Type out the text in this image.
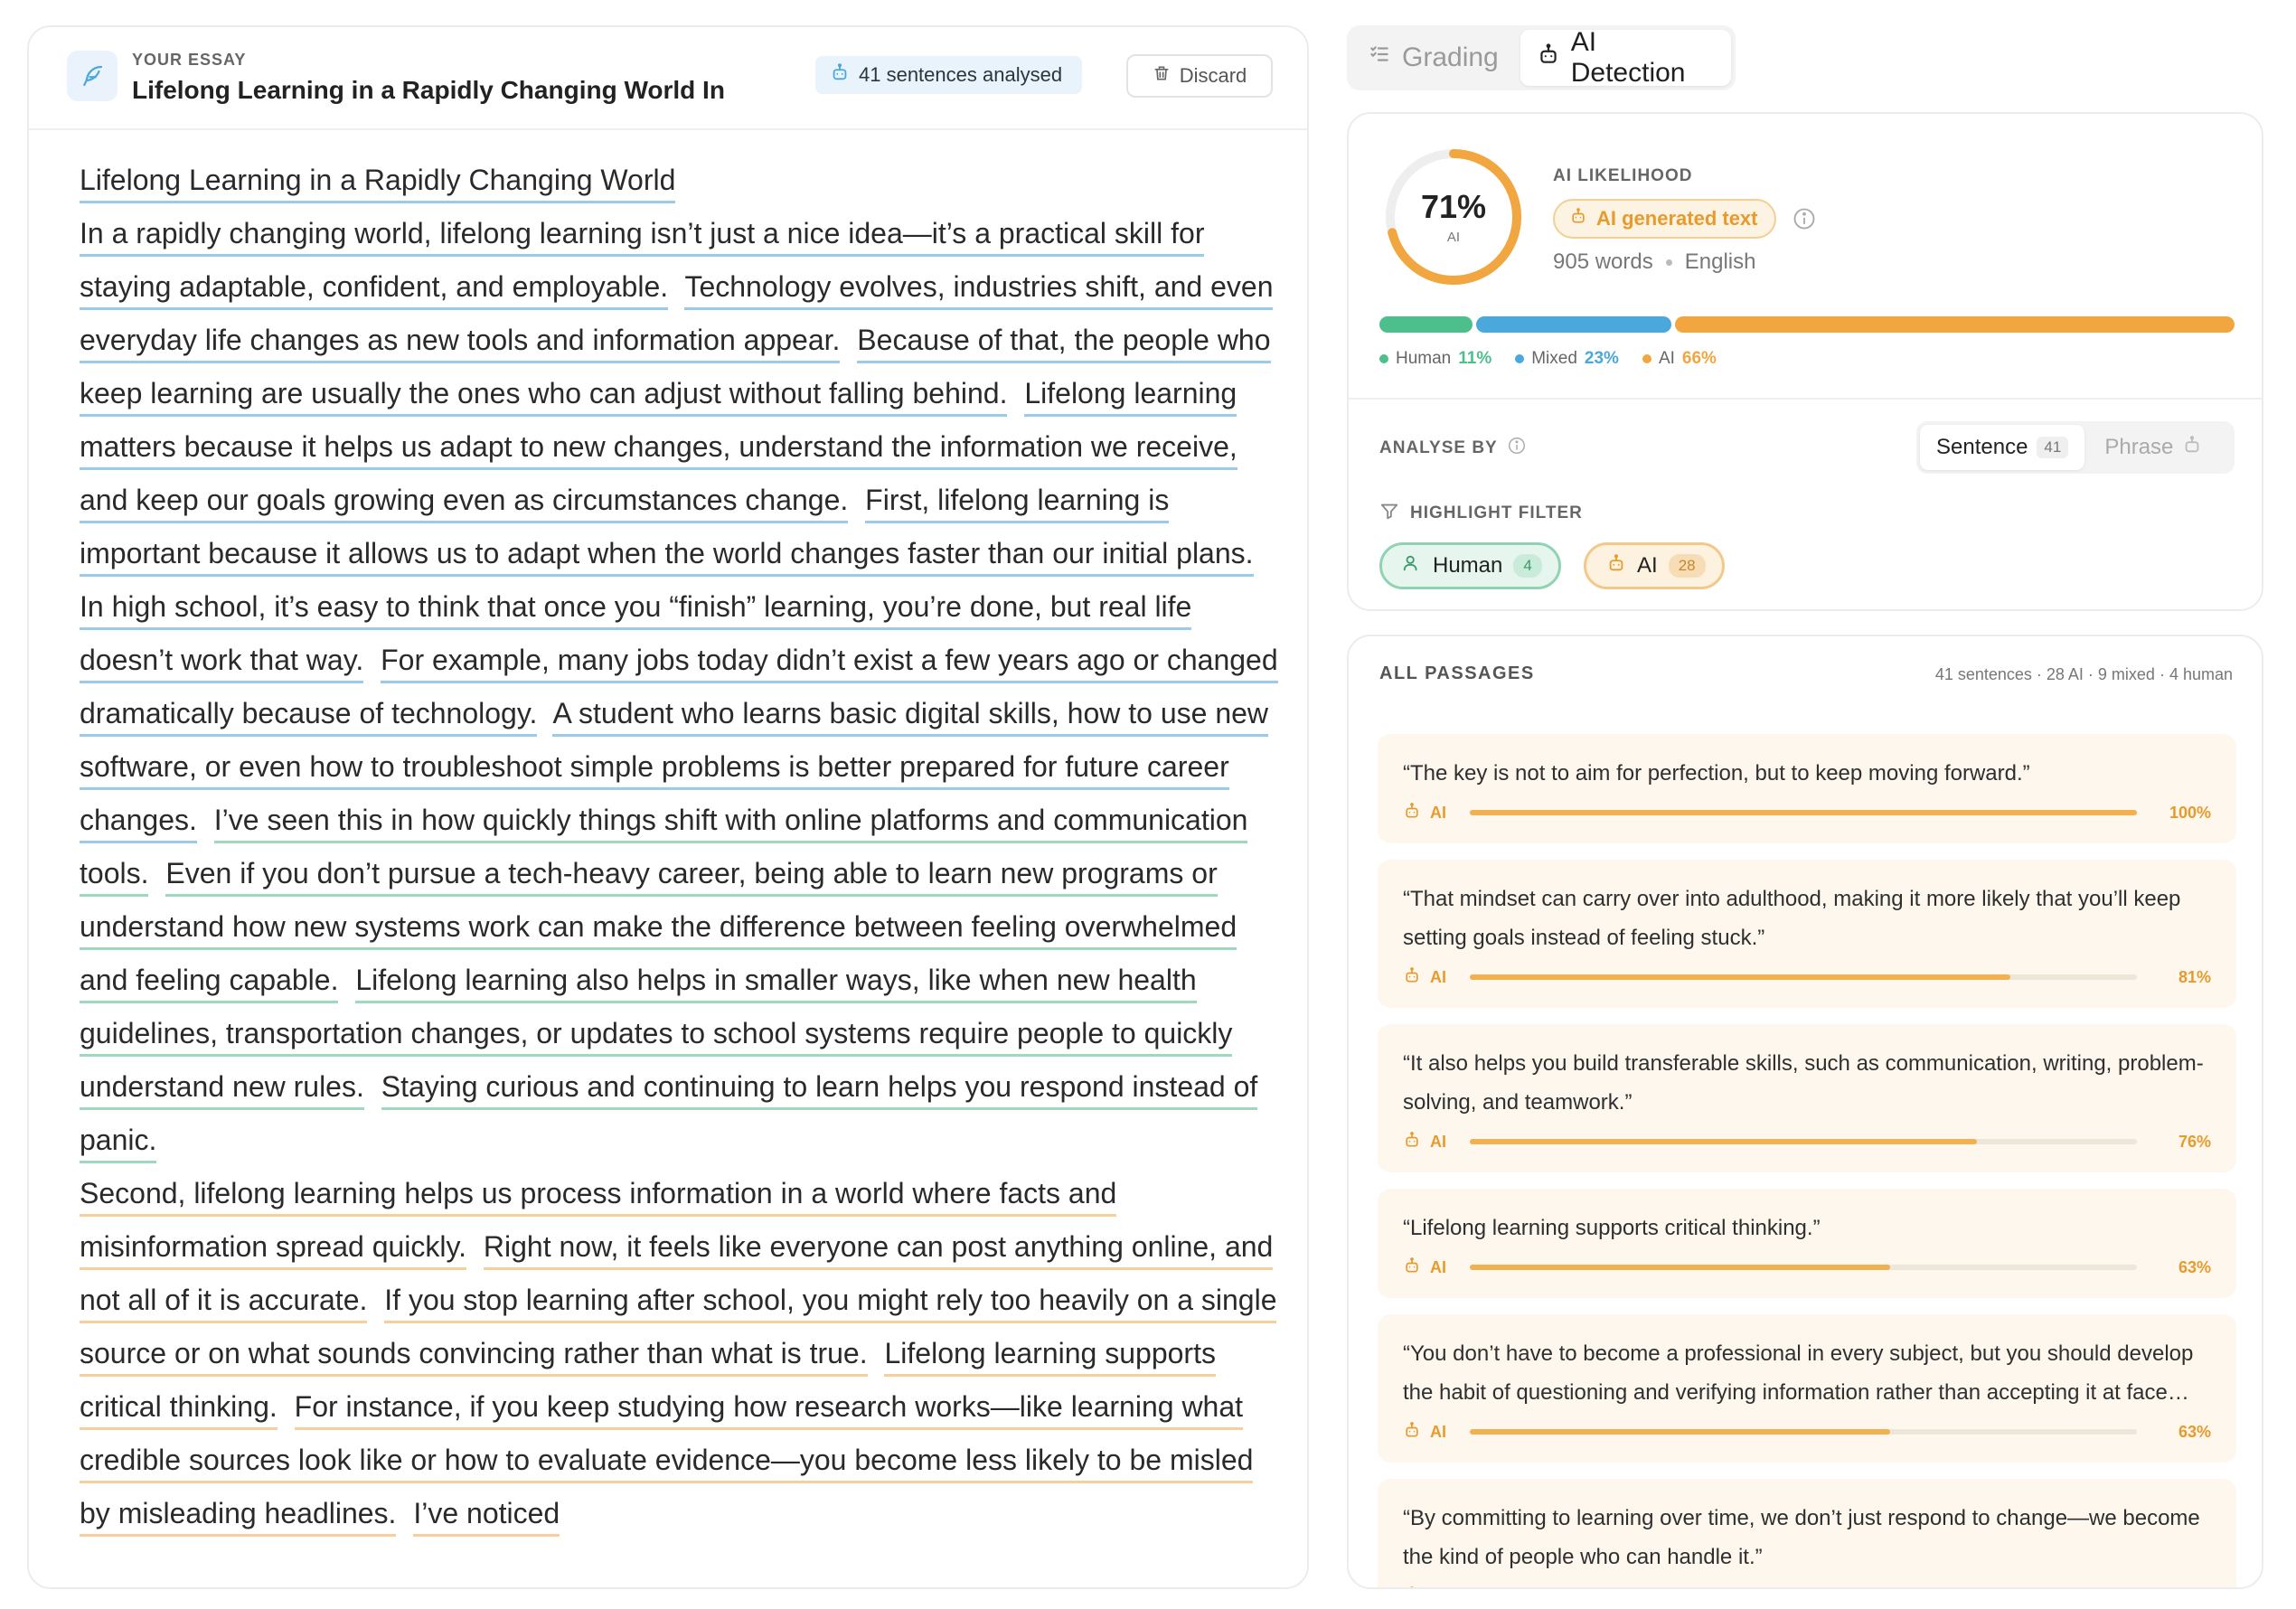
YOUR ESSAY
Lifelong Learning in a Rapidly Changing World In
41 sentences analysed	Discard
Lifelong Learning in a Rapidly Changing World
In a rapidly changing world, lifelong learning isn’t just a nice idea—it’s a practical skill for staying adaptable, confident, and employable. Technology evolves, industries shift, and even everyday life changes as new tools and information appear. Because of that, the people who keep learning are usually the ones who can adjust without falling behind. Lifelong learning matters because it helps us adapt to new changes, understand the information we receive, and keep our goals growing even as circumstances change. First, lifelong learning is important because it allows us to adapt when the world changes faster than our initial plans. In high school, it’s easy to think that once you “finish” learning, you’re done, but real life doesn’t work that way. For example, many jobs today didn’t exist a few years ago or changed dramatically because of technology. A student who learns basic digital skills, how to use new software, or even how to troubleshoot simple problems is better prepared for future career changes. I’ve seen this in how quickly things shift with online platforms and communication tools. Even if you don’t pursue a tech-heavy career, being able to learn new programs or understand how new systems work can make the difference between feeling overwhelmed and feeling capable. Lifelong learning also helps in smaller ways, like when new health guidelines, transportation changes, or updates to school systems require people to quickly understand new rules. Staying curious and continuing to learn helps you respond instead of panic.
Second, lifelong learning helps us process information in a world where facts and misinformation spread quickly. Right now, it feels like everyone can post anything online, and not all of it is accurate. If you stop learning after school, you might rely too heavily on a single source or on what sounds convincing rather than what is true. Lifelong learning supports critical thinking. For instance, if you keep studying how research works—like learning what credible sources look like or how to evaluate evidence—you become less likely to be misled by misleading headlines. I’ve noticed
Grading
AI Detection
71%
AI
AI LIKELIHOOD
AI generated text
905 words English
Human 11% Mixed 23% AI 66%
ANALYSE BY	Sentence	41	Phrase
HIGHLIGHT FILTER
Human	4	AI	28
ALL PASSAGES	41 sentences · 28 AI · 9 mixed · 4 human
“The key is not to aim for perfection, but to keep moving forward.”
AI	100%
“That mindset can carry over into adulthood, making it more likely that you’ll keep setting goals instead of feeling stuck.”
AI	81%
“It also helps you build transferable skills, such as communication, writing, problem-solving, and teamwork.”
AI	76%
“Lifelong learning supports critical thinking.”
AI	63%
“You don’t have to become a professional in every subject, but you should develop the habit of questioning and verifying information rather than accepting it at face
AI	63%
“By committing to learning over time, we don’t just respond to change—we become the kind of people who can handle it.”
